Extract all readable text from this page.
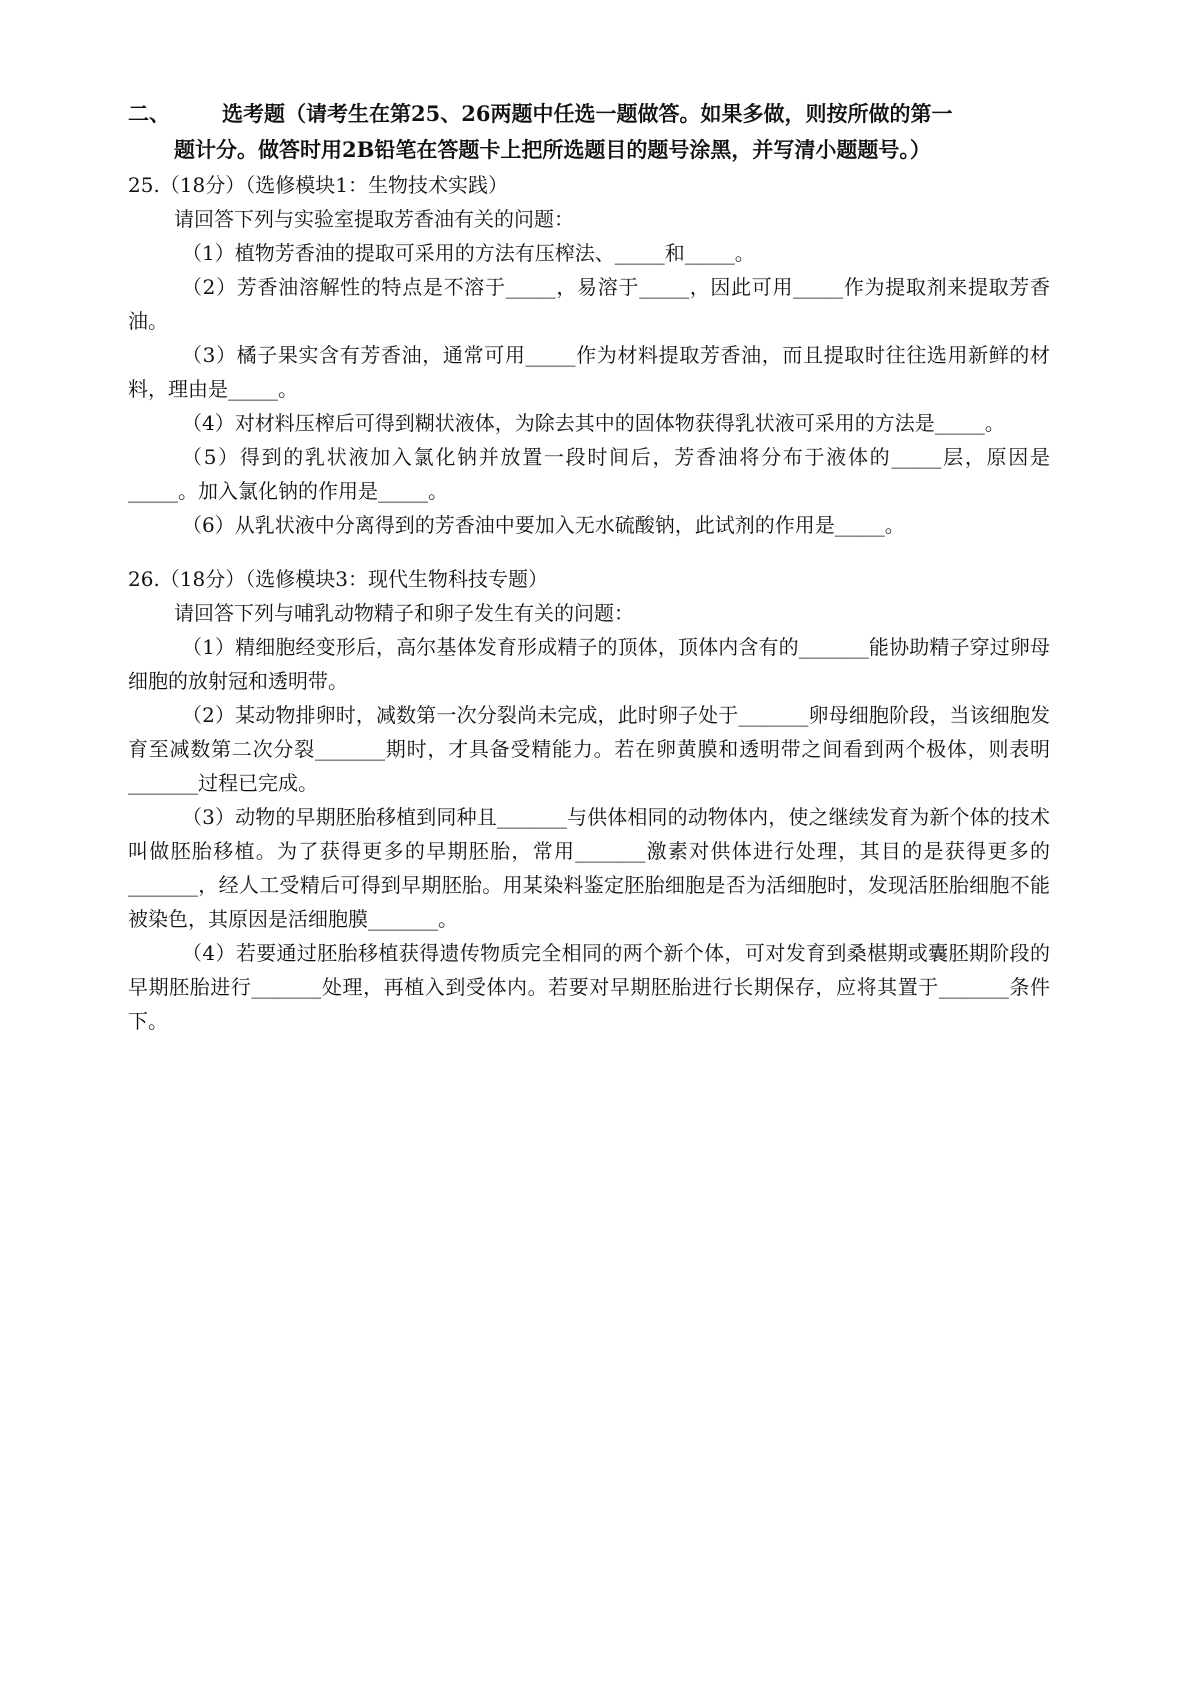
二、 选考题（请考生在第25、26两题中任选一题做答。如果多做，则按所做的第一
题计分。做答时用2B铅笔在答题卡上把所选题目的题号涂黑，并写清小题题号。）

25.（18分）（选修模块1：生物技术实践）

请回答下列与实验室提取芳香油有关的问题：

（1）植物芳香油的提取可采用的方法有压榨法、_____和_____。

（2）芳香油溶解性的特点是不溶于_____，易溶于_____，因此可用_____作为提取剂来提取芳香油。

（3）橘子果实含有芳香油，通常可用_____作为材料提取芳香油，而且提取时往往选用新鲜的材料，理由是_____。

（4）对材料压榨后可得到糊状液体，为除去其中的固体物获得乳状液可采用的方法是_____。

（5）得到的乳状液加入氯化钠并放置一段时间后，芳香油将分布于液体的_____层，原因是_____。加入氯化钠的作用是_____。

（6）从乳状液中分离得到的芳香油中要加入无水硫酸钠，此试剂的作用是_____。

26.（18分）（选修模块3：现代生物科技专题）

请回答下列与哺乳动物精子和卵子发生有关的问题：

（1）精细胞经变形后，高尔基体发育形成精子的顶体，顶体内含有的_______能协助精子穿过卵母细胞的放射冠和透明带。

（2）某动物排卵时，减数第一次分裂尚未完成，此时卵子处于_______卵母细胞阶段，当该细胞发育至减数第二次分裂_______期时，才具备受精能力。若在卵黄膜和透明带之间看到两个极体，则表明_______过程已完成。

（3）动物的早期胚胎移植到同种且_______与供体相同的动物体内，使之继续发育为新个体的技术叫做胚胎移植。为了获得更多的早期胚胎，常用_______激素对供体进行处理，其目的是获得更多的_______，经人工受精后可得到早期胚胎。用某染料鉴定胚胎细胞是否为活细胞时，发现活胚胎细胞不能被染色，其原因是活细胞膜_______。

（4）若要通过胚胎移植获得遗传物质完全相同的两个新个体，可对发育到桑椹期或囊胚期阶段的早期胚胎进行_______处理，再植入到受体内。若要对早期胚胎进行长期保存，应将其置于_______条件下。
